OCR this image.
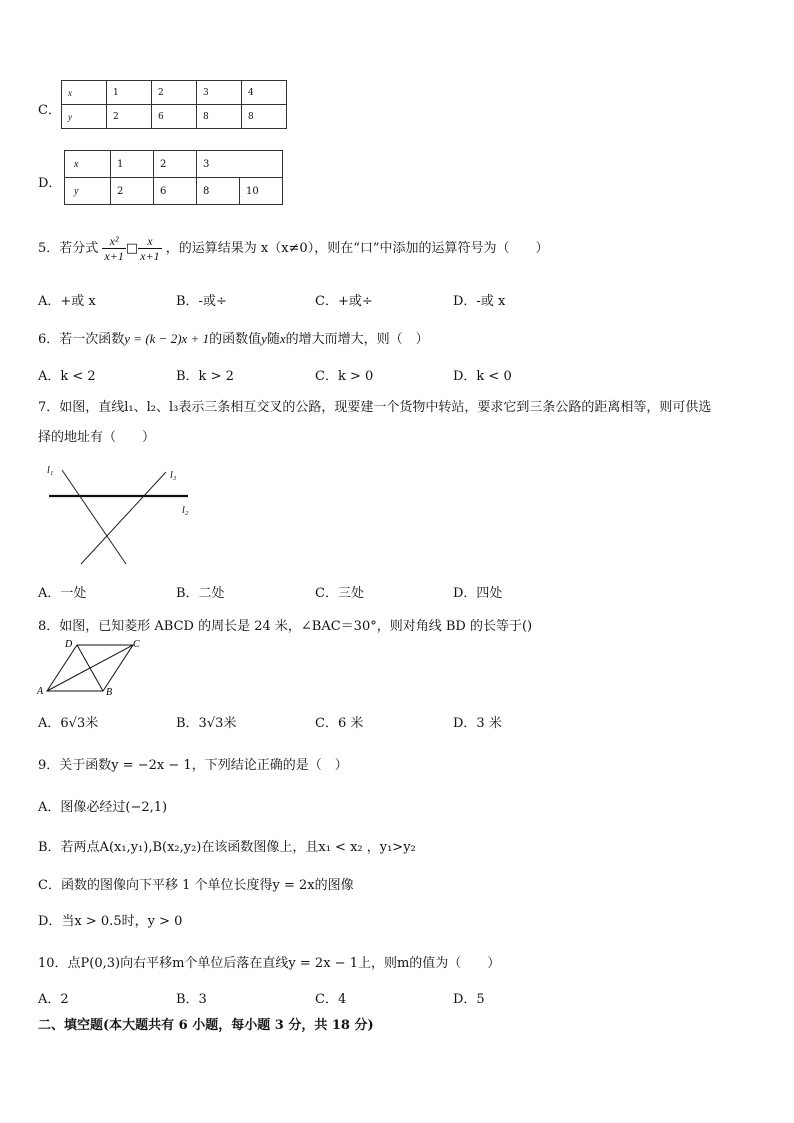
C．
x	1	2	3	4
y	2	6	8	8
D．
x	1	2	3	
y	2	6	8	10
5．若分式 $\frac{\text{x²}}{x+1}$ □ $\frac{x}{x+1}$ ，的运算结果为 x（x≠0），则在“口”中添加的运算符号为（　　）
A．+或 x	B．-或÷	C．+或÷	D．-或 x
6．若一次函数y = (k − 2)x + 1的函数值y随x的增大而增大，则（　）
A．k < 2	B．k > 2	C．k > 0	D．k < 0
7．如图，直线l₁、l₂、l₃表示三条相互交叉的公路，现要建一个货物中转站，要求它到三条公路的距离相等，则可供选
择的地址有（　　）
l₁	l₃
l₂
A．一处	B．二处	C．三处	D．四处
8．如图，已知菱形 ABCD 的周长是 24 米，∠BAC＝30°，则对角线 BD 的长等于()
A	B
C
D
A．6√3米	B．3√3米	C．6 米	D．3 米
9．关于函数y = −2x − 1，下列结论正确的是（　）
A．图像必经过(−2,1)
B．若两点A(x₁,y₁),B(x₂,y₂)在该函数图像上，且x₁ < x₂ ，y₁>y₂
C．函数的图像向下平移 1 个单位长度得y = 2x的图像
D．当x > 0.5时，y > 0
10．点P(0,3)向右平移m个单位后落在直线y = 2x − 1上，则m的值为（　　）
A．2	B．3	C．4	D．5
二、填空题(本大题共有 6 小题，每小题 3 分，共 18 分)
